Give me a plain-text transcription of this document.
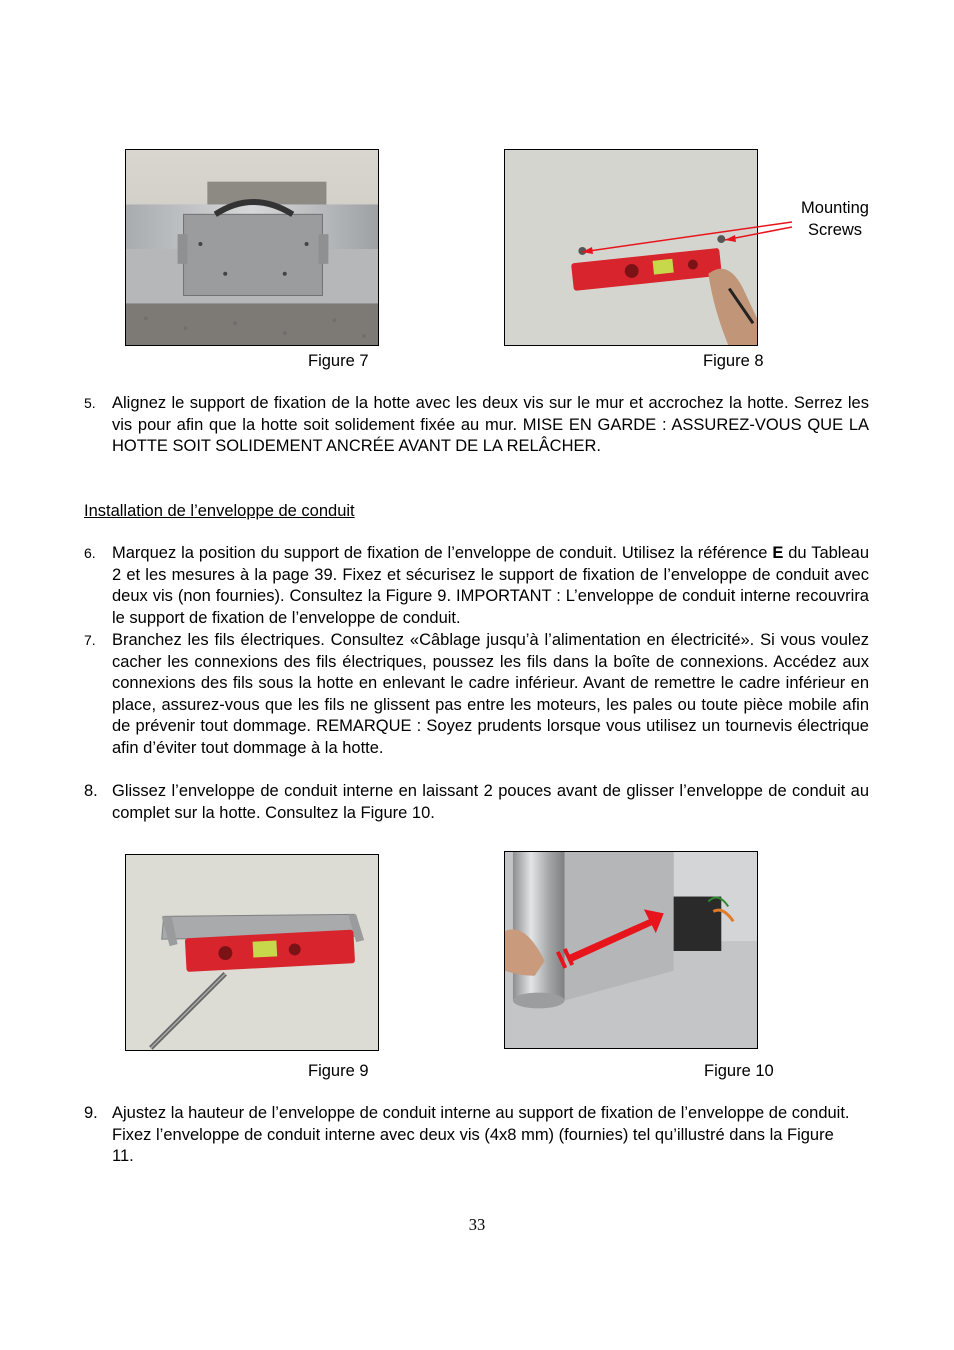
Mounting
Screws
Figure 7	Figure 8
5. Alignez le support de fixation de la hotte avec les deux vis sur le mur et accrochez la hotte. Serrez les vis pour afin que la hotte soit solidement fixée au mur. MISE EN GARDE : ASSUREZ-VOUS QUE LA HOTTE SOIT SOLIDEMENT ANCRÉE AVANT DE LA RELÂCHER.
Installation de l’enveloppe de conduit
6. Marquez la position du support de fixation de l’enveloppe de conduit. Utilisez la référence E du Tableau 2 et les mesures à la page 39. Fixez et sécurisez le support de fixation de l’enveloppe de conduit avec deux vis (non fournies). Consultez la Figure 9. IMPORTANT : L’enveloppe de conduit interne recouvrira le support de fixation de l’enveloppe de conduit.
7. Branchez les fils électriques. Consultez «Câblage jusqu’à l’alimentation en électricité». Si vous voulez cacher les connexions des fils électriques, poussez les fils dans la boîte de connexions. Accédez aux connexions des fils sous la hotte en enlevant le cadre inférieur. Avant de remettre le cadre inférieur en place, assurez-vous que les fils ne glissent pas entre les moteurs, les pales ou toute pièce mobile afin de prévenir tout dommage. REMARQUE : Soyez prudents lorsque vous utilisez un tournevis électrique afin d’éviter tout dommage à la hotte.
8. Glissez l’enveloppe de conduit interne en laissant 2 pouces avant de glisser l’enveloppe de conduit au complet sur la hotte. Consultez la Figure 10.
Figure 9	Figure 10
9. Ajustez la hauteur de l’enveloppe de conduit interne au support de fixation de l’enveloppe de conduit. Fixez l’enveloppe de conduit interne avec deux vis (4x8 mm) (fournies) tel qu’illustré dans la Figure 11.
33
